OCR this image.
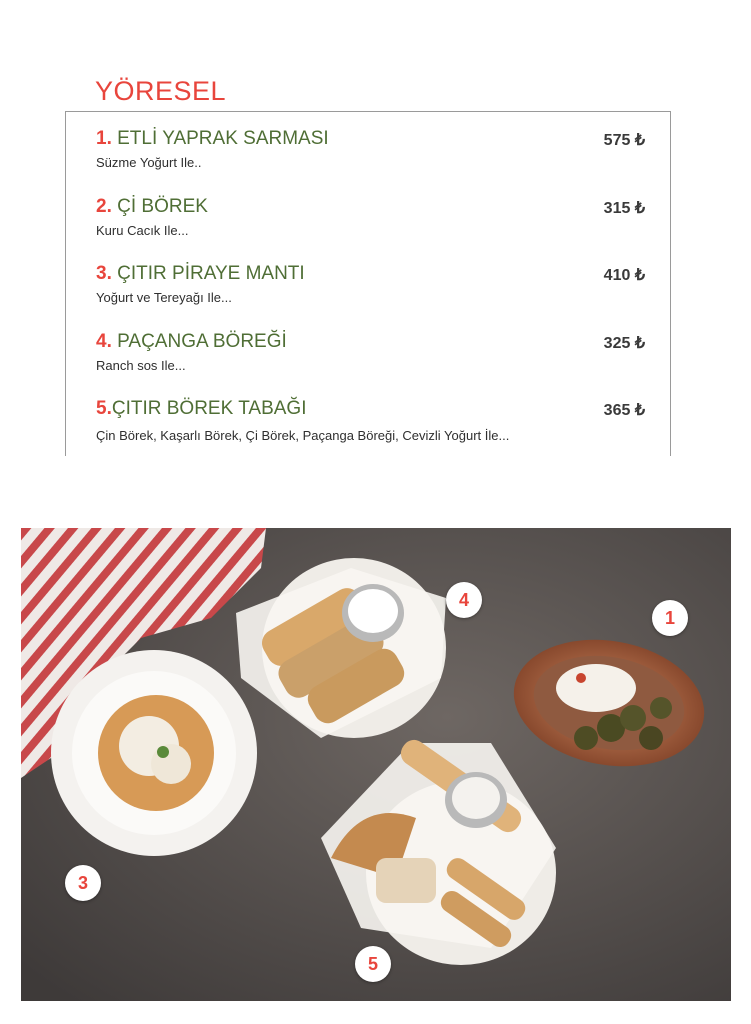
YÖRESEL
1. ETLİ YAPRAK SARMASI	575 ₺
Süzme Yoğurt Ile..
2. Çİ BÖREK	315 ₺
Kuru Cacık Ile...
3. ÇITIR PİRAYE MANTI	410 ₺
Yoğurt ve Tereyağı Ile...
4. PAÇANGA BÖREĞİ	325 ₺
Ranch sos Ile...
5.ÇITIR BÖREK TABAĞI	365 ₺
Çin Börek, Kaşarlı Börek, Çi Börek, Paçanga Böreği, Cevizli Yoğurt İle...
1
3
4
5
